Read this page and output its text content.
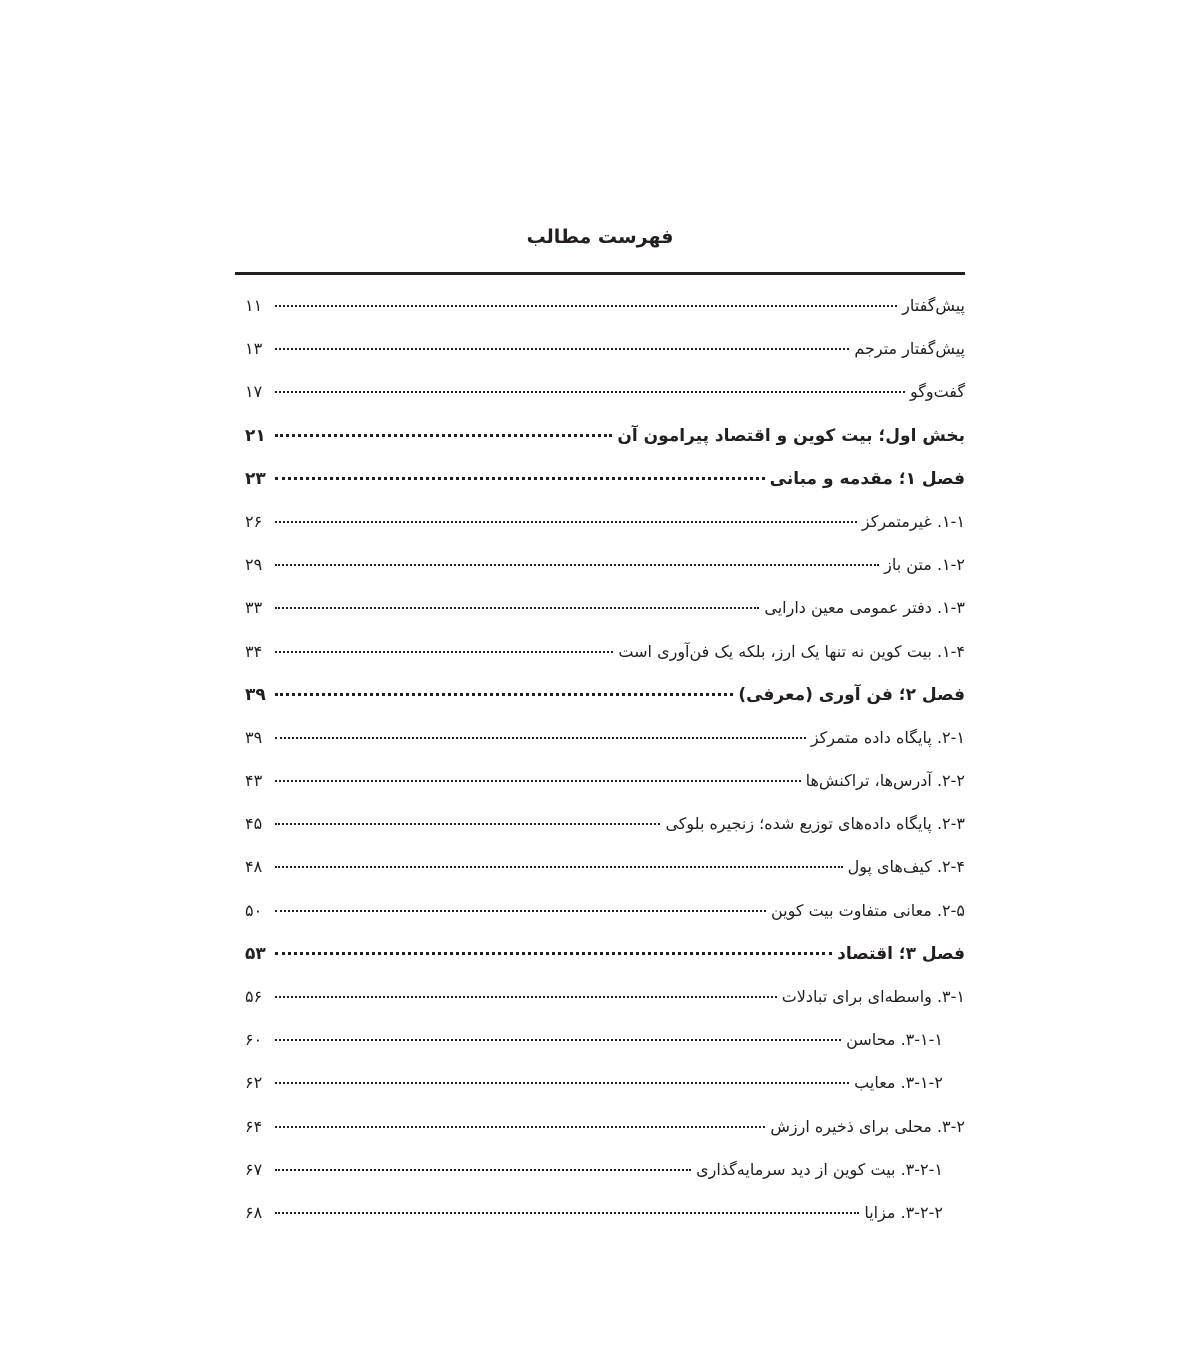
فهرست مطالب
پیش‌گفتار
۱۱
پیش‌گفتار مترجم
۱۳
گفت‌وگو
۱۷
بخش اول؛ بیت کوین و اقتصاد پیرامون آن
۲۱
فصل ۱؛ مقدمه و مبانی
۲۳
۱-۱. غیرمتمرکز
۲۶
۱-۲. متن باز
۲۹
۱-۳. دفتر عمومی معین دارایی
۳۳
۱-۴. بیت کوین نه تنها یک ارز، بلکه یک فن‌آوری است
۳۴
فصل ۲؛ فن آوری (معرفی)
۳۹
۲-۱. پایگاه داده متمرکز
۳۹
۲-۲. آدرس‌ها، تراکنش‌ها
۴۳
۲-۳. پایگاه داده‌های توزیع شده؛ زنجیره بلوکی
۴۵
۲-۴. کیف‌های پول
۴۸
۲-۵. معانی متفاوت بیت کوین
۵۰
فصل ۳؛ اقتصاد
۵۳
۳-۱. واسطه‌ای برای تبادلات
۵۶
۳-۱-۱. محاسن
۶۰
۳-۱-۲. معایب
۶۲
۳-۲. محلی برای ذخیره ارزش
۶۴
۳-۲-۱. بیت کوین از دید سرمایه‌گذاری
۶۷
۳-۲-۲. مزایا
۶۸
